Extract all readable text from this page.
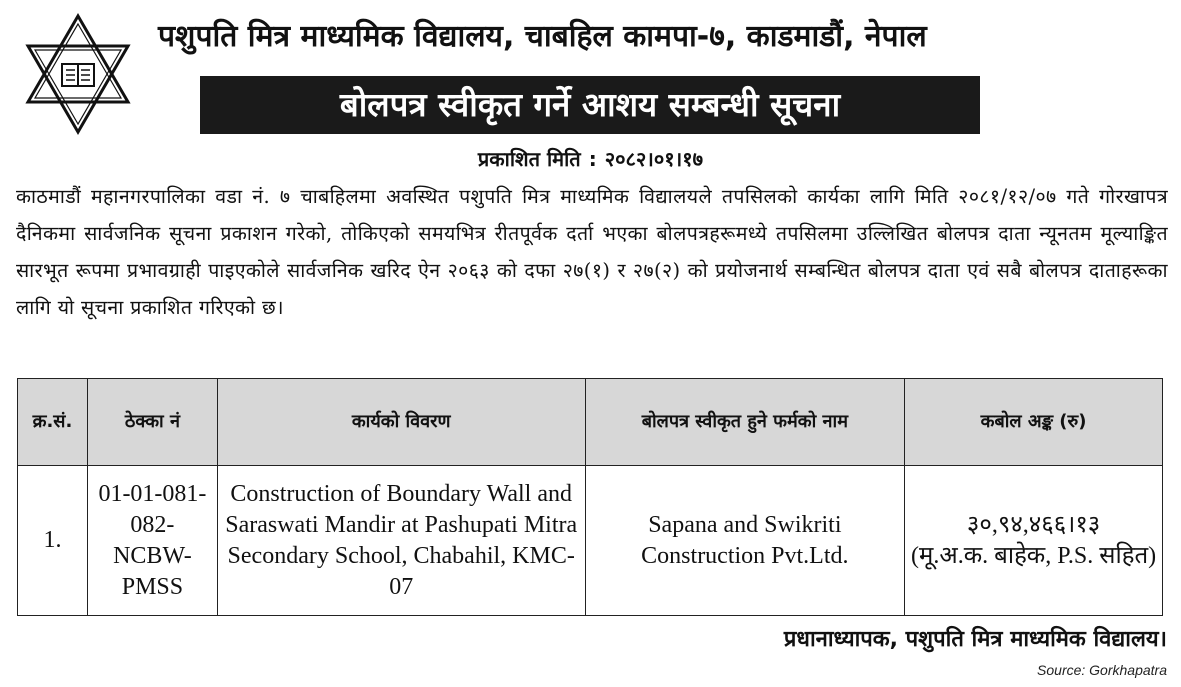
पशुपति मित्र माध्यमिक विद्यालय, चाबहिल कामपा-७, काडमाडौं, नेपाल
बोलपत्र स्वीकृत गर्ने आशय सम्बन्धी सूचना
प्रकाशित मिति : २०८२।०१।१७
काठमाडौं महानगरपालिका वडा नं. ७ चाबहिलमा अवस्थित पशुपति मित्र माध्यमिक विद्यालयले तपसिलको कार्यका लागि मिति २०८१/१२/०७ गते गोरखापत्र दैनिकमा सार्वजनिक सूचना प्रकाशन गरेको, तोकिएको समयभित्र रीतपूर्वक दर्ता भएका बोलपत्रहरूमध्ये तपसिलमा उल्लिखित बोलपत्र दाता न्यूनतम मूल्याङ्कित सारभूत रूपमा प्रभावग्राही पाइएकोले सार्वजनिक खरिद ऐन २०६३ को दफा २७(१) र २७(२) को प्रयोजनार्थ सम्बन्धित बोलपत्र दाता एवं सबै बोलपत्र दाताहरूका लागि यो सूचना प्रकाशित गरिएको छ।
क्र.सं.	ठेक्का नं	कार्यको विवरण	बोलपत्र स्वीकृत हुने फर्मको नाम	कबोल अङ्क (रु)
1.	01-01-081-082-NCBW-PMSS	Construction of Boundary Wall and Saraswati Mandir at Pashupati Mitra Secondary School, Chabahil, KMC-07	Sapana and Swikriti Construction Pvt.Ltd.	३०,९४,४६६।१३
(मू.अ.क. बाहेक, P.S. सहित)
प्रधानाध्यापक, पशुपति मित्र माध्यमिक विद्यालय।
Source: Gorkhapatra
